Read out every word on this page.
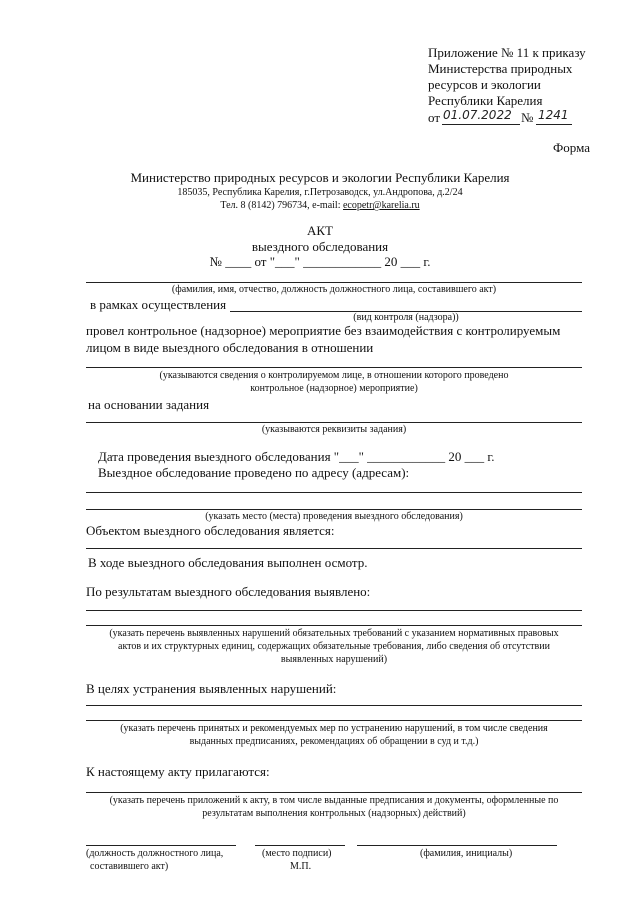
Приложение № 11 к приказу
Министерства природных
ресурсов и экологии
Республики Карелия
от 01.07.2022 № 1241
Форма
Министерство природных ресурсов и экологии Республики Карелия
185035, Республика Карелия, г.Петрозаводск, ул.Андропова, д.2/24
Тел. 8 (8142) 796734, e-mail: ecopetr@karelia.ru
АКТ
выездного обследования
№ ____ от "___" ____________ 20 ___ г.
(фамилия, имя, отчество, должность должностного лица, составившего акт)
в рамках осуществления
(вид контроля (надзора))
провел контрольное (надзорное) мероприятие без взаимодействия с контролируемым
лицом в виде выездного обследования в отношении
(указываются сведения о контролируемом лице, в отношении которого проведено
контрольное (надзорное) мероприятие)
на основании задания
(указываются реквизиты задания)
Дата проведения выездного обследования "___" ____________ 20 ___ г.
Выездное обследование проведено по адресу (адресам):
(указать место (места) проведения выездного обследования)
Объектом выездного обследования является:
В ходе выездного обследования выполнен осмотр.
По результатам выездного обследования выявлено:
(указать перечень выявленных нарушений обязательных требований с указанием нормативных правовых
актов и их структурных единиц, содержащих обязательные требования, либо сведения об отсутствии
выявленных нарушений)
В целях устранения выявленных нарушений:
(указать перечень принятых и рекомендуемых мер по устранению нарушений, в том числе сведения
выданных предписаниях, рекомендациях об обращении в суд и т.д.)
К настоящему акту прилагаются:
(указать перечень приложений к акту, в том числе выданные предписания и документы, оформленные по
результатам выполнения контрольных (надзорных) действий)
(должность должностного лица,
составившего акт)
(место подписи)
М.П.
(фамилия, инициалы)
